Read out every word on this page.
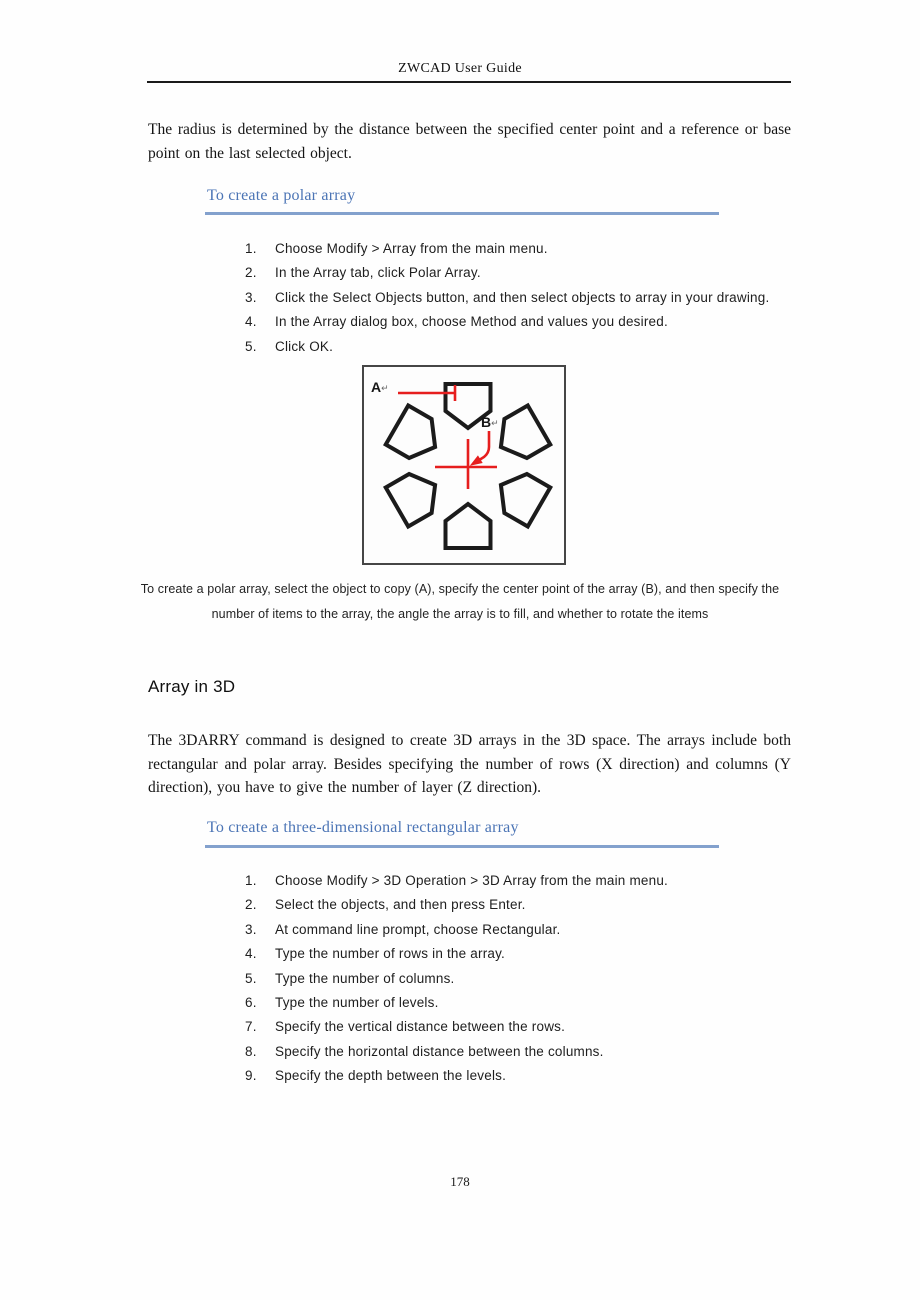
ZWCAD User Guide

The radius is determined by the distance between the specified center point and a reference or base point on the last selected object.

To create a polar array
Choose Modify > Array from the main menu.
In the Array tab, click Polar Array.
Click the Select Objects button, and then select objects to array in your drawing.
In the Array dialog box, choose Method and values you desired.
Click OK.
A↵
B↵
To create a polar array, select the object to copy (A), specify the center point of the array (B), and then specify the
number of items to the array, the angle the array is to fill, and whether to rotate the items
Array in 3D

The 3DARRY command is designed to create 3D arrays in the 3D space. The arrays include both rectangular and polar array. Besides specifying the number of rows (X direction) and columns (Y direction), you have to give the number of layer (Z direction).

To create a three-dimensional rectangular array
Choose Modify > 3D Operation > 3D Array from the main menu.
Select the objects, and then press Enter.
At command line prompt, choose Rectangular.
Type the number of rows in the array.
Type the number of columns.
Type the number of levels.
Specify the vertical distance between the rows.
Specify the horizontal distance between the columns.
Specify the depth between the levels.
178
